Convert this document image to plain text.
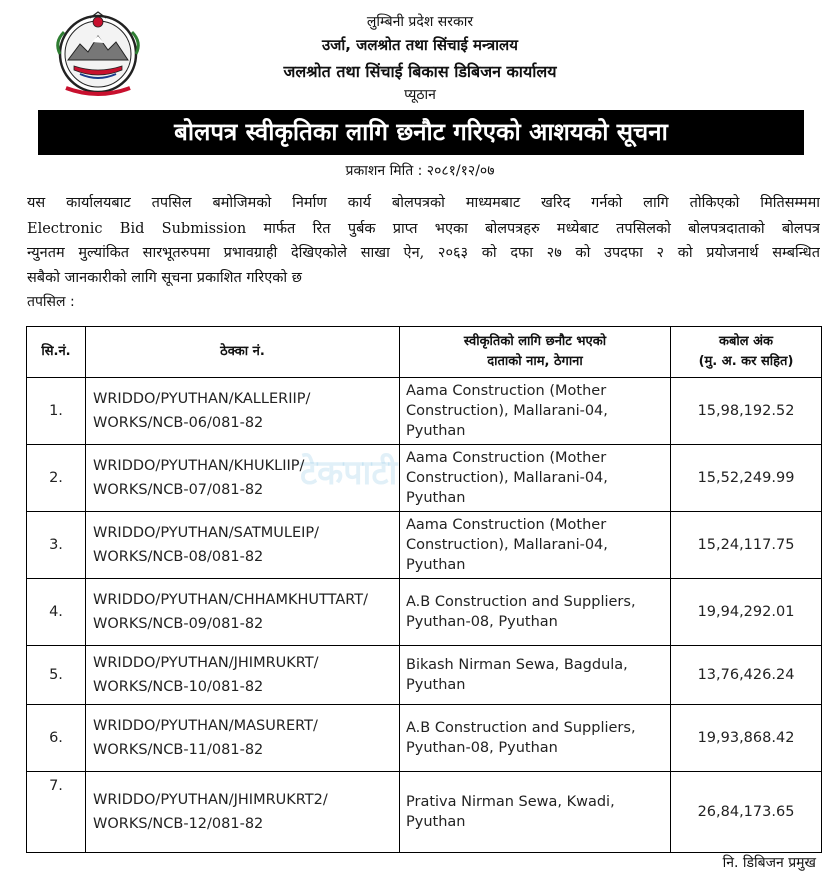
लुम्बिनी प्रदेश सरकार
उर्जा, जलश्रोत तथा सिंचाई मन्त्रालय
जलश्रोत तथा सिंचाई बिकास डिबिजन कार्यालय
प्यूठान
बोलपत्र स्वीकृतिका लागि छनौट गरिएको आशयको सूचना
प्रकाशन मिति : २०८१/१२/०७
यस कार्यालयबाट तपसिल बमोजिमको निर्माण कार्य बोलपत्रको माध्यमबाट खरिद गर्नको लागि तोकिएको मितिसम्ममा
Electronic Bid Submission मार्फत रित पुर्बक प्राप्त भएका बोलपत्रहरु मध्येबाट तपसिलको बोलपत्रदाताको बोलपत्र
न्युनतम मुल्यांकित सारभूतरुपमा प्रभावग्राही देखिएकोले साखा ऐन, २०६३ को दफा २७ को उपदफा २ को प्रयोजनार्थ सम्बन्धित
सबैको जानकारीको लागि सूचना प्रकाशित गरिएको छ
तपसिल :
टेकपाटी
सि.नं.	ठेक्का नं.	स्वीकृतिको लागि छनौट भएको
दाताको नाम, ठेगाना	कबोल अंक
(मु. अ. कर सहित)

1.	WRIDDO/PYUTHAN/KALLERIIP/
WORKS/NCB-06/081-82	Aama Construction (Mother
Construction), Mallarani-04,
Pyuthan	15,98,192.52
2.	WRIDDO/PYUTHAN/KHUKLIIP/
WORKS/NCB-07/081-82	Aama Construction (Mother
Construction), Mallarani-04,
Pyuthan	15,52,249.99
3.	WRIDDO/PYUTHAN/SATMULEIP/
WORKS/NCB-08/081-82	Aama Construction (Mother
Construction), Mallarani-04,
Pyuthan	15,24,117.75
4.	WRIDDO/PYUTHAN/CHHAMKHUTTART/
WORKS/NCB-09/081-82	A.B Construction and Suppliers,
Pyuthan-08, Pyuthan	19,94,292.01
5.	WRIDDO/PYUTHAN/JHIMRUKRT/
WORKS/NCB-10/081-82	Bikash Nirman Sewa, Bagdula,
Pyuthan	13,76,426.24
6.	WRIDDO/PYUTHAN/MASURERT/
WORKS/NCB-11/081-82	A.B Construction and Suppliers,
Pyuthan-08, Pyuthan	19,93,868.42
7.	WRIDDO/PYUTHAN/JHIMRUKRT2/
WORKS/NCB-12/081-82	Prativa Nirman Sewa, Kwadi,
Pyuthan	26,84,173.65
नि. डिबिजन प्रमुख
